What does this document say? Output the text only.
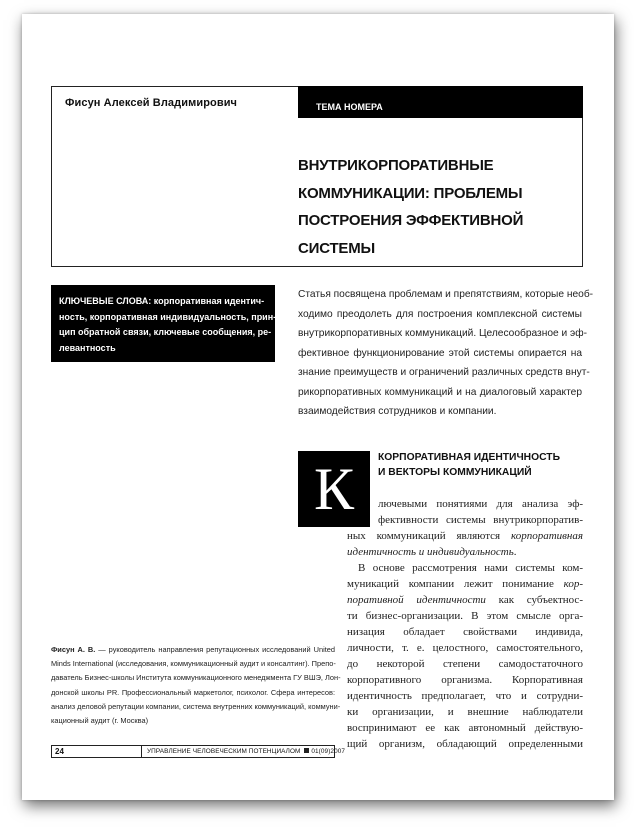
Фисун Алексей Владимирович	ТЕМА НОМЕРА
ВНУТРИКОРПОРАТИВНЫЕ
КОММУНИКАЦИИ: ПРОБЛЕМЫ
ПОСТРОЕНИЯ ЭФФЕКТИВНОЙ
СИСТЕМЫ
КЛЮЧЕВЫЕ СЛОВА: корпоративная идентич-
ность, корпоративная индивидуальность, прин-
цип обратной связи, ключевые сообщения, ре-
левантность
Статья посвящена проблемам и препятствиям, которые необ-
ходимо преодолеть для построения комплексной системы
внутрикорпоративных коммуникаций. Целесообразное и эф-
фективное функционирование этой системы опирается на
знание преимуществ и ограничений различных средств внут-
рикорпоративных коммуникаций и на диалоговый характер
взаимодействия сотрудников и компании.
К	КОРПОРАТИВНАЯ ИДЕНТИЧНОСТЬ
И ВЕКТОРЫ КОММУНИКАЦИЙ
лючевыми понятиями для анализа эф-
фективности системы внутрикорпоратив-
ных коммуникаций являются корпоративная
идентичность и индивидуальность.
В основе рассмотрения нами системы ком-
муникаций компании лежит понимание кор-
поративной идентичности как субъектнос-
ти бизнес-организации. В этом смысле орга-
низация обладает свойствами индивида,
личности, т. е. целостного, самостоятельного,
до некоторой степени самодостаточного
корпоративного организма. Корпоративная
идентичность предполагает, что и сотрудни-
ки организации, и внешние наблюдатели
воспринимают ее как автономный действую-
щий организм, обладающий определенными
Фисун А. В. — руководитель направления репутационных исследований United
Minds International (исследования, коммуникационный аудит и консалтинг). Препо-
даватель Бизнес-школы Института коммуникационного менеджмента ГУ ВШЭ, Лон-
донской школы PR. Профессиональный маркетолог, психолог. Сфера интересов:
анализ деловой репутации компании, система внутренних коммуникаций, коммуни-
кационный аудит (г. Москва)
24	УПРАВЛЕНИЕ ЧЕЛОВЕЧЕСКИМ ПОТЕНЦИАЛОМ 01(09)2007
